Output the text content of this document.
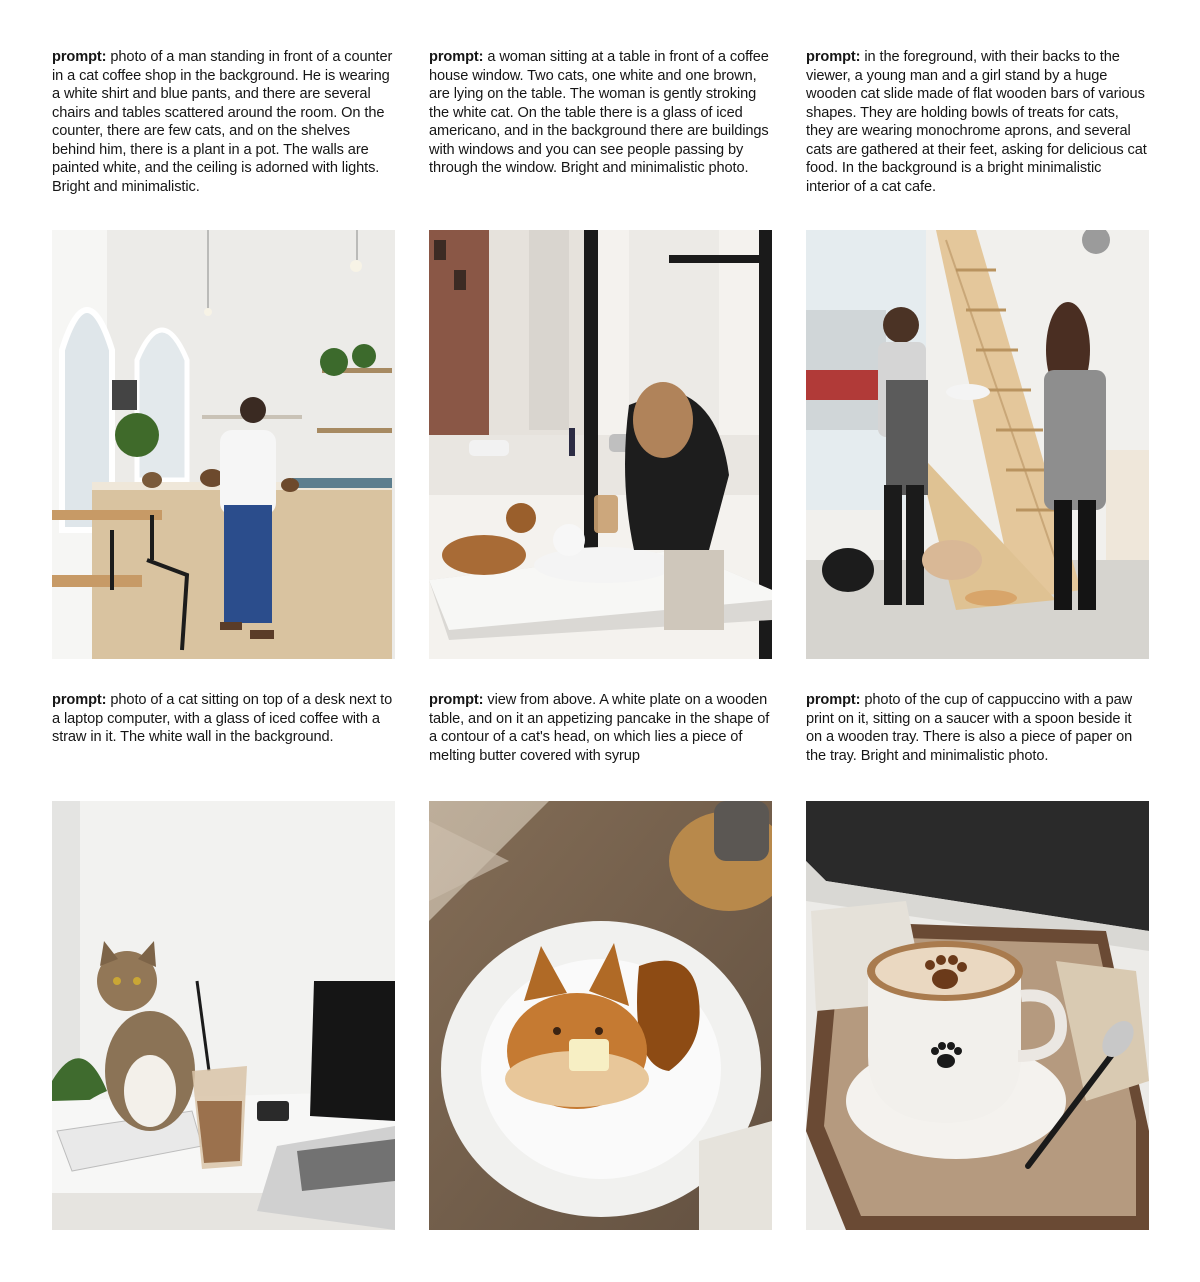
prompt: photo of a man standing in front of a counter in a cat coffee shop in the background. He is wearing a white shirt and blue pants, and there are several chairs and tables scattered around the room. On the counter, there are few cats, and on the shelves behind him, there is a plant in a pot. The walls are painted white, and the ceiling is adorned with lights. Bright and minimalistic.
prompt: a woman sitting at a table in front of a coffee house window. Two cats, one white and one brown, are lying on the table. The woman is gently stroking the white cat. On the table there is a glass of iced americano, and in the background there are buildings with windows and you can see people passing by through the window. Bright and minimalistic photo.
prompt: in the foreground, with their backs to the viewer, a young man and a girl stand by a huge wooden cat slide made of flat wooden bars of various shapes. They are holding bowls of treats for cats, they are wearing monochrome aprons, and several cats are gathered at their feet, asking for delicious cat food. In the background is a bright minimalistic interior of a cat cafe.
prompt: photo of a cat sitting on top of a desk next to a laptop computer, with a glass of iced coffee with a straw in it. The white wall in the background.
prompt: view from above. A white plate on a wooden table, and on it an appetizing pancake in the shape of a contour of a cat's head, on which lies a piece of melting butter covered with syrup
prompt: photo of the cup of cappuccino with a paw print on it, sitting on a saucer with a spoon beside it on a wooden tray. There is also a piece of paper on the tray. Bright and minimalistic photo.
